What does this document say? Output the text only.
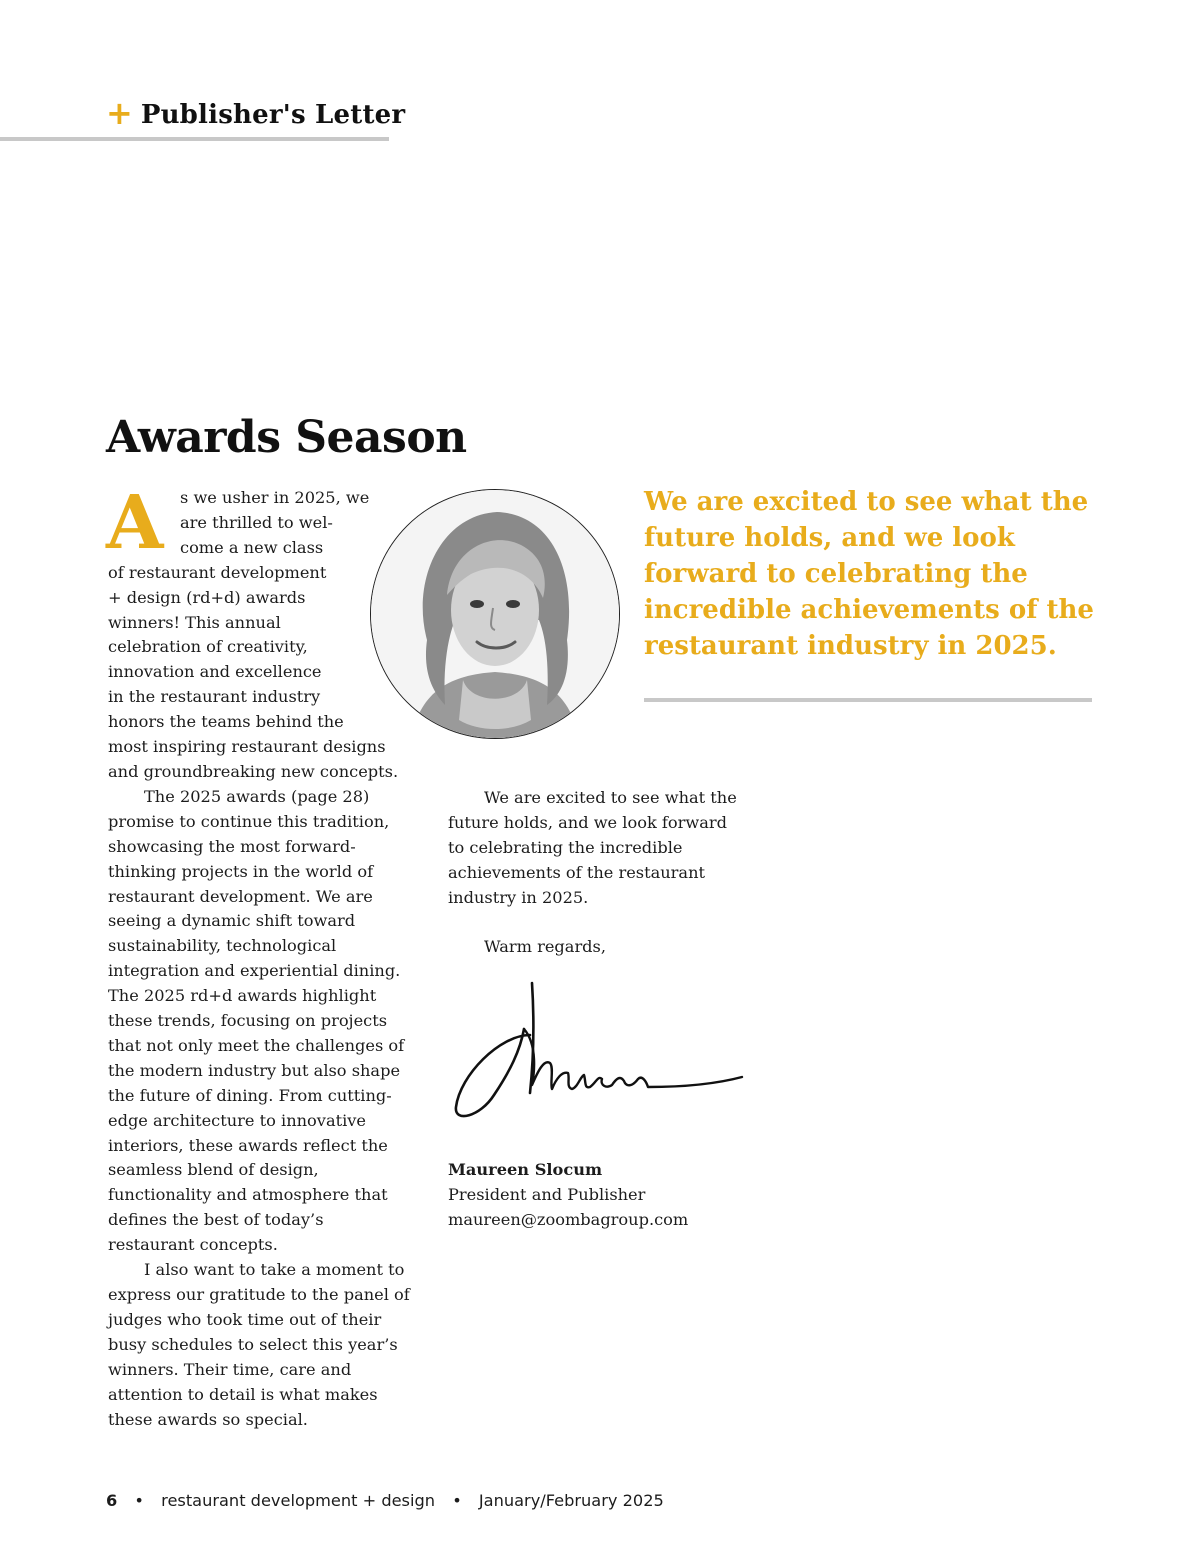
+ Publisher's Letter
Awards Season
A	s we usher in 2025, we
are thrilled to wel-
come a new class
of restaurant development
+ design (rd+d) awards
winners! This annual
celebration of creativity,
innovation and excellence
in the restaurant industry
honors the teams behind the
most inspiring restaurant designs
and groundbreaking new concepts.

The 2025 awards (page 28) promise to continue this tradition, showcasing the most forward-thinking projects in the world of restaurant development. We are seeing a dynamic shift toward sustainability, technological integration and experiential dining. The 2025 rd+d awards highlight these trends, focusing on projects that not only meet the challenges of the modern industry but also shape the future of dining. From cutting-edge architecture to innovative interiors, these awards reflect the seamless blend of design, functionality and atmosphere that defines the best of today’s restaurant concepts.

I also want to take a moment to express our gratitude to the panel of judges who took time out of their busy schedules to select this year’s winners. Their time, care and attention to detail is what makes these awards so special.

We are excited to see what the future holds, and we look forward to celebrating the incredible achievements of the restaurant industry in 2025.

We are excited to see what the future holds, and we look forward to celebrating the incredible achievements of the restaurant industry in 2025.

Warm regards,

Maureen Slocum
President and Publisher
maureen@zoombagroup.com
6 • restaurant development + design • January/February 2025
